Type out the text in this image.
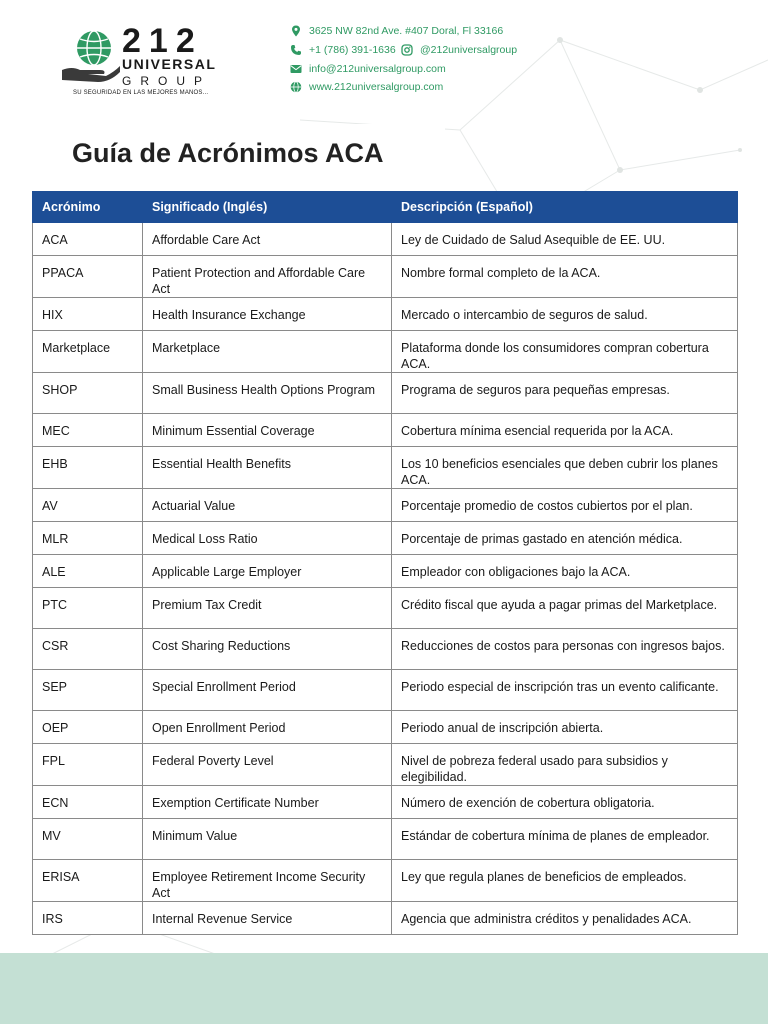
212
UNIVERSAL
GROUP
SU SEGURIDAD EN LAS MEJORES MANOS...
3625 NW 82nd Ave. #407 Doral, Fl 33166
+1 (786) 391-1636 @212universalgroup
info@212universalgroup.com
www.212universalgroup.com
Guía de Acrónimos ACA
Acrónimo	Significado (Inglés)	Descripción (Español)
ACA	Affordable Care Act	Ley de Cuidado de Salud Asequible de EE. UU.
PPACA	Patient Protection and Affordable Care Act	Nombre formal completo de la ACA.
HIX	Health Insurance Exchange	Mercado o intercambio de seguros de salud.
Marketplace	Marketplace	Plataforma donde los consumidores compran cobertura ACA.
SHOP	Small Business Health Options Program	Programa de seguros para pequeñas empresas.
MEC	Minimum Essential Coverage	Cobertura mínima esencial requerida por la ACA.
EHB	Essential Health Benefits	Los 10 beneficios esenciales que deben cubrir los planes ACA.
AV	Actuarial Value	Porcentaje promedio de costos cubiertos por el plan.
MLR	Medical Loss Ratio	Porcentaje de primas gastado en atención médica.
ALE	Applicable Large Employer	Empleador con obligaciones bajo la ACA.
PTC	Premium Tax Credit	Crédito fiscal que ayuda a pagar primas del Marketplace.
CSR	Cost Sharing Reductions	Reducciones de costos para personas con ingresos bajos.
SEP	Special Enrollment Period	Periodo especial de inscripción tras un evento calificante.
OEP	Open Enrollment Period	Periodo anual de inscripción abierta.
FPL	Federal Poverty Level	Nivel de pobreza federal usado para subsidios y elegibilidad.
ECN	Exemption Certificate Number	Número de exención de cobertura obligatoria.
MV	Minimum Value	Estándar de cobertura mínima de planes de empleador.
ERISA	Employee Retirement Income Security Act	Ley que regula planes de beneficios de empleados.
IRS	Internal Revenue Service	Agencia que administra créditos y penalidades ACA.
